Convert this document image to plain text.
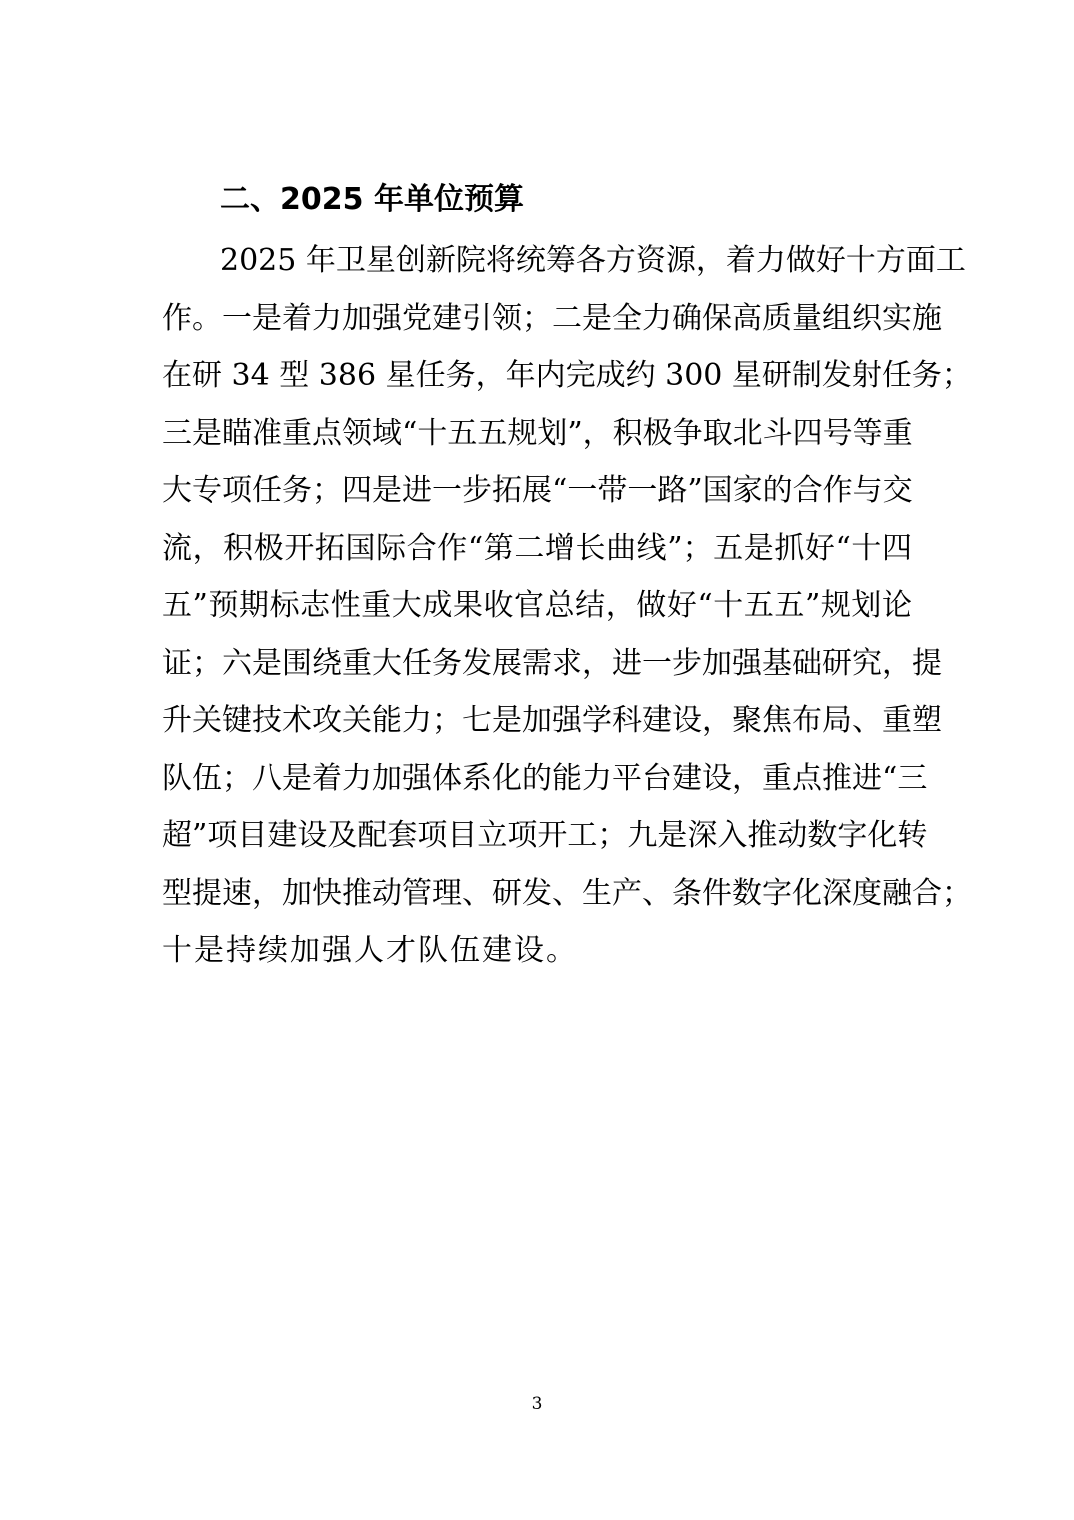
二、2025 年单位预算
2025 年卫星创新院将统筹各方资源，着力做好十方面工
作。一是着力加强党建引领；二是全力确保高质量组织实施
在研 34 型 386 星任务，年内完成约 300 星研制发射任务；
三是瞄准重点领域“十五五规划”，积极争取北斗四号等重
大专项任务；四是进一步拓展“一带一路”国家的合作与交
流，积极开拓国际合作“第二增长曲线”；五是抓好“十四
五”预期标志性重大成果收官总结，做好“十五五”规划论
证；六是围绕重大任务发展需求，进一步加强基础研究，提
升关键技术攻关能力；七是加强学科建设，聚焦布局、重塑
队伍；八是着力加强体系化的能力平台建设，重点推进“三
超”项目建设及配套项目立项开工；九是深入推动数字化转
型提速，加快推动管理、研发、生产、条件数字化深度融合；
十是持续加强人才队伍建设。
3
